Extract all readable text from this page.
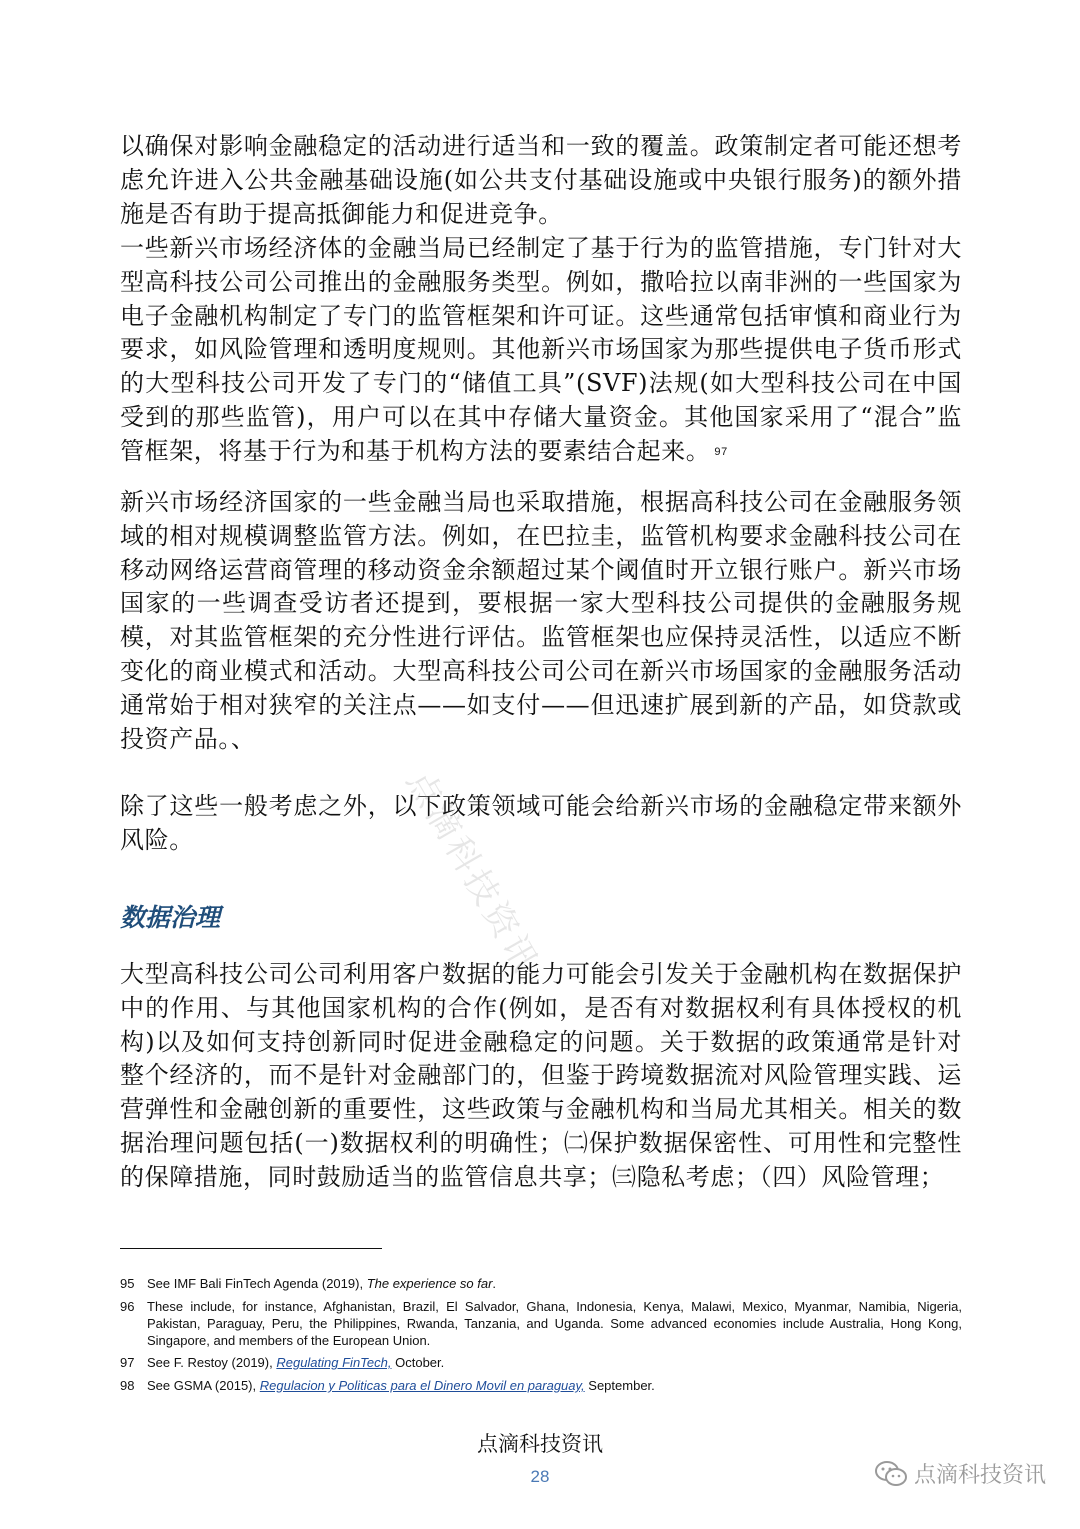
以确保对影响金融稳定的活动进行适当和一致的覆盖。政策制定者可能还想考虑允许进入公共金融基础设施(如公共支付基础设施或中央银行服务)的额外措施是否有助于提高抵御能力和促进竞争。

一些新兴市场经济体的金融当局已经制定了基于行为的监管措施，专门针对大型高科技公司公司推出的金融服务类型。例如，撒哈拉以南非洲的一些国家为电子金融机构制定了专门的监管框架和许可证。这些通常包括审慎和商业行为要求，如风险管理和透明度规则。其他新兴市场国家为那些提供电子货币形式的大型科技公司开发了专门的“储值工具”(SVF)法规(如大型科技公司在中国受到的那些监管)，用户可以在其中存储大量资金。其他国家采用了“混合”监管框架，将基于行为和基于机构方法的要素结合起来。 $^{97}$

新兴市场经济国家的一些金融当局也采取措施，根据高科技公司在金融服务领域的相对规模调整监管方法。例如，在巴拉圭，监管机构要求金融科技公司在移动网络运营商管理的移动资金余额超过某个阈值时开立银行账户。新兴市场国家的一些调查受访者还提到，要根据一家大型科技公司提供的金融服务规模，对其监管框架的充分性进行评估。监管框架也应保持灵活性，以适应不断变化的商业模式和活动。大型高科技公司公司在新兴市场国家的金融服务活动通常始于相对狭窄的关注点——如支付——但迅速扩展到新的产品，如贷款或投资产品。、

除了这些一般考虑之外，以下政策领域可能会给新兴市场的金融稳定带来额外风险。

数据治理

大型高科技公司公司利用客户数据的能力可能会引发关于金融机构在数据保护中的作用、与其他国家机构的合作(例如，是否有对数据权利有具体授权的机构)以及如何支持创新同时促进金融稳定的问题。关于数据的政策通常是针对整个经济的，而不是针对金融部门的，但鉴于跨境数据流对风险管理实践、运营弹性和金融创新的重要性，这些政策与金融机构和当局尤其相关。相关的数据治理问题包括(一)数据权利的明确性；㈡保护数据保密性、可用性和完整性的保障措施，同时鼓励适当的监管信息共享；㈢隐私考虑；（四）风险管理；

点滴科技资讯
95 See IMF Bali FinTech Agenda (2019), The experience so far.
96 These include, for instance, Afghanistan, Brazil, El Salvador, Ghana, Indonesia, Kenya, Malawi, Mexico, Myanmar, Namibia, Nigeria, Pakistan, Paraguay, Peru, the Philippines, Rwanda, Tanzania, and Uganda. Some advanced economies include Australia, Hong Kong, Singapore, and members of the European Union.
97 See F. Restoy (2019), Regulating FinTech, October.
98 See GSMA (2015), Regulacion y Politicas para el Dinero Movil en paraguay, September.
点滴科技资讯
28	点滴科技资讯
